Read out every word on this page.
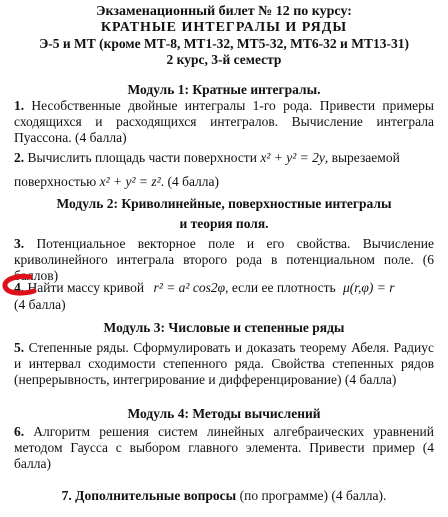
Экзаменационный билет № 12 по курсу:
КРАТНЫЕ ИНТЕГРАЛЫ И РЯДЫ
Э-5 и МТ (кроме МТ-8, МТ1-32, МТ5-32, МТ6-32 и МТ13-31)
2 курс, 3-й семестр
Модуль 1: Кратные интегралы.
1. Несобственные двойные интегралы 1-го рода. Привести примеры сходящихся и расходящихся интегралов. Вычисление интеграла Пуассона. (4 балла)
2. Вычислить площадь части поверхности x² + y² = 2y, вырезаемой
поверхностью x² + y² = z². (4 балла)
Модуль 2: Криволинейные, поверхностные интегралы
и теория поля.
3. Потенциальное векторное поле и его свойства. Вычисление криволинейного интеграла второго рода в потенциальном поле. (6 баллов)
4. Найти массу кривой r² = a² cos2φ, если ее плотность μ(r,φ) = r
(4 балла)
Модуль 3: Числовые и степенные ряды
5. Степенные ряды. Сформулировать и доказать теорему Абеля. Радиус и интервал сходимости степенного ряда. Свойства степенных рядов (непрерывность, интегрирование и дифференцирование) (4 балла)
Модуль 4: Методы вычислений
6. Алгоритм решения систем линейных алгебраических уравнений методом Гаусса с выбором главного элемента. Привести пример (4 балла)
7. Дополнительные вопросы (по программе) (4 балла).
